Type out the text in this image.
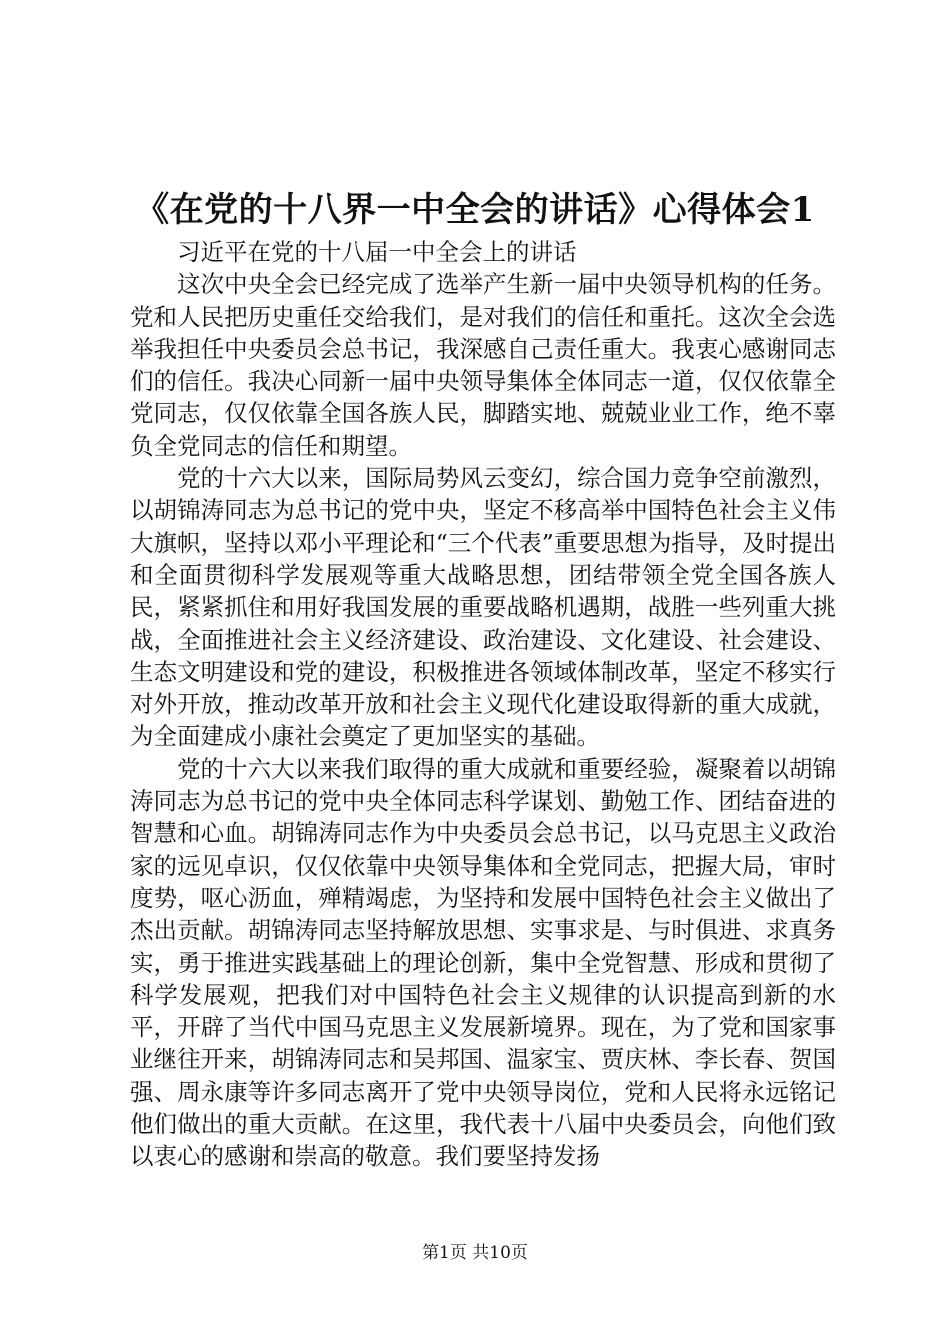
《在党的十八界一中全会的讲话》心得体会1

习近平在党的十八届一中全会上的讲话

这次中央全会已经完成了选举产生新一届中央领导机构的任务。党和人民把历史重任交给我们，是对我们的信任和重托。这次全会选举我担任中央委员会总书记，我深感自己责任重大。我衷心感谢同志们的信任。我决心同新一届中央领导集体全体同志一道，仅仅依靠全党同志，仅仅依靠全国各族人民，脚踏实地、兢兢业业工作，绝不辜负全党同志的信任和期望。

党的十六大以来，国际局势风云变幻，综合国力竞争空前激烈，以胡锦涛同志为总书记的党中央，坚定不移高举中国特色社会主义伟大旗帜，坚持以邓小平理论和“三个代表”重要思想为指导，及时提出和全面贯彻科学发展观等重大战略思想，团结带领全党全国各族人民，紧紧抓住和用好我国发展的重要战略机遇期，战胜一些列重大挑战，全面推进社会主义经济建设、政治建设、文化建设、社会建设、生态文明建设和党的建设，积极推进各领域体制改革，坚定不移实行对外开放，推动改革开放和社会主义现代化建设取得新的重大成就，为全面建成小康社会奠定了更加坚实的基础。

党的十六大以来我们取得的重大成就和重要经验，凝聚着以胡锦涛同志为总书记的党中央全体同志科学谋划、勤勉工作、团结奋进的智慧和心血。胡锦涛同志作为中央委员会总书记，以马克思主义政治家的远见卓识，仅仅依靠中央领导集体和全党同志，把握大局，审时度势，呕心沥血，殚精竭虑，为坚持和发展中国特色社会主义做出了杰出贡献。胡锦涛同志坚持解放思想、实事求是、与时俱进、求真务实，勇于推进实践基础上的理论创新，集中全党智慧、形成和贯彻了科学发展观，把我们对中国特色社会主义规律的认识提高到新的水平，开辟了当代中国马克思主义发展新境界。现在，为了党和国家事业继往开来，胡锦涛同志和吴邦国、温家宝、贾庆林、李长春、贺国强、周永康等许多同志离开了党中央领导岗位，党和人民将永远铭记他们做出的重大贡献。在这里，我代表十八届中央委员会，向他们致以衷心的感谢和崇高的敬意。我们要坚持发扬

第1页 共10页
